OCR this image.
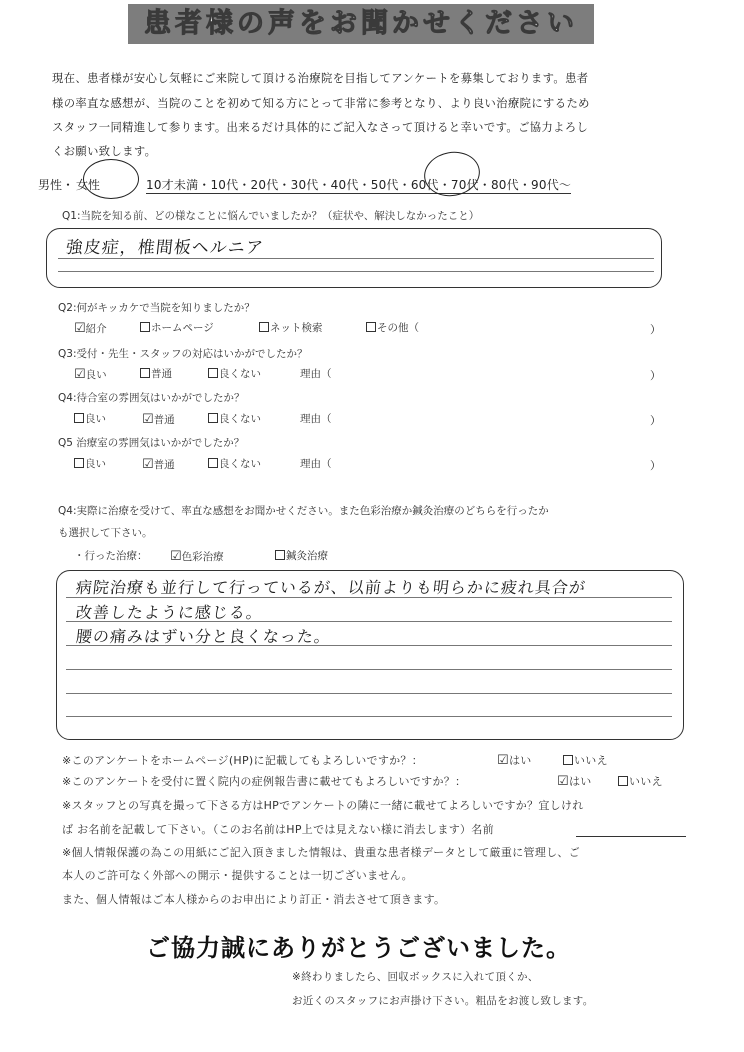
患者様の声をお聞かせください
現在、患者様が安心し気軽にご来院して頂ける治療院を目指してアンケートを募集しております。患者
様の率直な感想が、当院のことを初めて知る方にとって非常に参考となり、より良い治療院にするため
スタッフ一同精進して参ります。出来るだけ具体的にご記入なさって頂けると幸いです。ご協力よろし
くお願い致します。
男性・ 女性	10才未満・10代・20代・30代・40代・50代・60代・70代・80代・90代〜
Q1:当院を知る前、どの様なことに悩んでいましたか？（症状や、解決しなかったこと）
強皮症，椎間板ヘルニア
Q2:何がキッカケで当院を知りましたか？
☑紹介	ホームページ	ネット検索	その他（	）
Q3:受付・先生・スタッフの対応はいかがでしたか？
☑良い	普通	良くない	理由（	）
Q4:待合室の雰囲気はいかがでしたか？
良い	☑普通	良くない	理由（	）
Q5 治療室の雰囲気はいかがでしたか？
良い	☑普通	良くない	理由（	）
Q4:実際に治療を受けて、率直な感想をお聞かせください。また色彩治療か鍼灸治療のどちらを行ったか
も選択して下さい。
・行った治療： ☑色彩治療	鍼灸治療
病院治療も並行して行っているが、以前よりも明らかに疲れ具合が
改善したように感じる。
腰の痛みはずい分と良くなった。
※このアンケートをホームページ(HP)に記載してもよろしいですか？：	☑はい	いいえ
※このアンケートを受付に置く院内の症例報告書に載せてもよろしいですか？：	☑はい	いいえ
※スタッフとの写真を撮って下さる方はHPでアンケートの隣に一緒に載せてよろしいですか？宜しけれ
ば お名前を記載して下さい。（このお名前はHP上では見えない様に消去します）名前
※個人情報保護の為この用紙にご記入頂きました情報は、貴重な患者様データとして厳重に管理し、ご
本人のご許可なく外部への開示・提供することは一切ございません。
また、個人情報はご本人様からのお申出により訂正・消去させて頂きます。
ご協力誠にありがとうございました。
※終わりましたら、回収ボックスに入れて頂くか、
お近くのスタッフにお声掛け下さい。粗品をお渡し致します。
